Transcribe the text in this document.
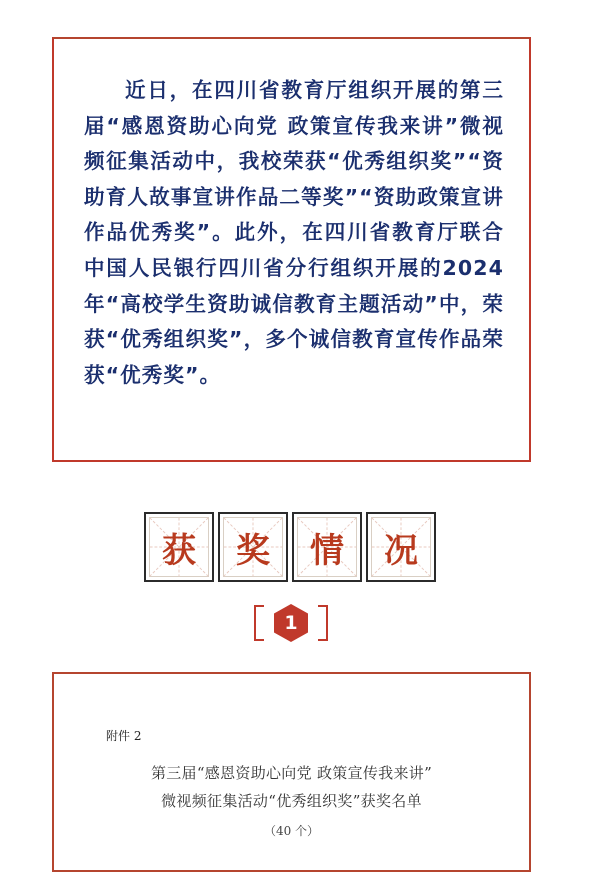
近日，在四川省教育厅组织开展的第三届“感恩资助心向党 政策宣传我来讲”微视频征集活动中，我校荣获“优秀组织奖”“资助育人故事宣讲作品二等奖”“资助政策宣讲作品优秀奖”。此外，在四川省教育厅联合中国人民银行四川省分行组织开展的2024年“高校学生资助诚信教育主题活动”中，荣获“优秀组织奖”，多个诚信教育宣传作品荣获“优秀奖”。

获	奖	情	况
1
附件 2
第三届“感恩资助心向党 政策宣传我来讲”
微视频征集活动“优秀组织奖”获奖名单
（40 个）
